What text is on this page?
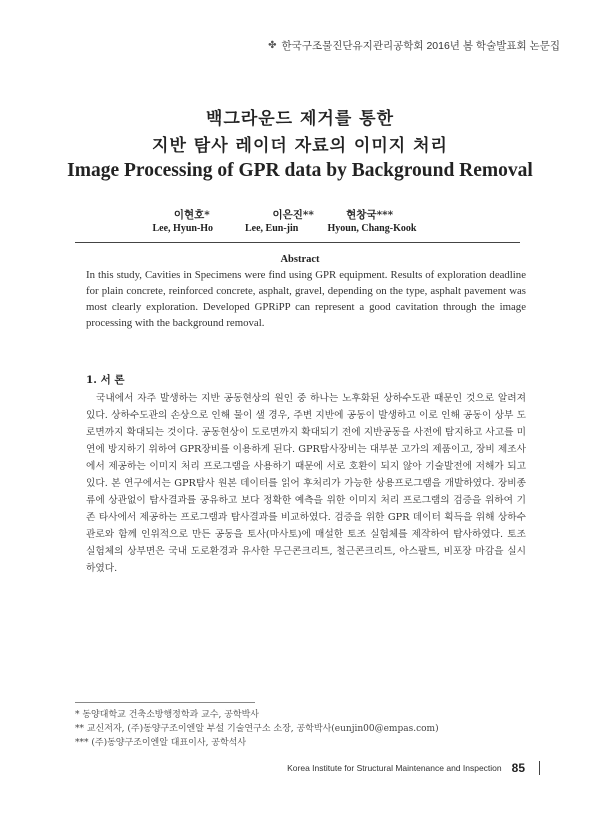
✤ 한국구조물진단유지관리공학회 2016년 봄 학술발표회 논문집
백그라운드 제거를 통한
지반 탐사 레이더 자료의 이미지 처리
Image Processing of GPR data by Background Removal
이현호*	이은진**	현창국***
Lee, Hyun-Ho	Lee, Eun-jin	Hyoun, Chang-Kook
Abstract
In this study, Cavities in Specimens were find using GPR equipment. Results of exploration deadline for plain concrete, reinforced concrete, asphalt, gravel, depending on the type, asphalt pavement was most clearly exploration. Developed GPRiPP can represent a good cavitation through the image processing with the background removal.
1. 서 론
국내에서 자주 발생하는 지반 공동현상의 원인 중 하나는 노후화된 상하수도관 때문인 것으로 알려져 있다. 상하수도관의 손상으로 인해 물이 샐 경우, 주변 지반에 공동이 발생하고 이로 인해 공동이 상부 도로면까지 확대되는 것이다. 공동현상이 도로면까지 확대되기 전에 지반공동을 사전에 탐지하고 사고를 미연에 방지하기 위하여 GPR장비를 이용하게 된다. GPR탐사장비는 대부분 고가의 제품이고, 장비 제조사에서 제공하는 이미지 처리 프로그램을 사용하기 때문에 서로 호환이 되지 않아 기술발전에 저해가 되고 있다. 본 연구에서는 GPR탐사 원본 데이터를 읽어 후처리가 가능한 상용프로그램을 개발하였다. 장비종류에 상관없이 탐사결과를 공유하고 보다 정확한 예측을 위한 이미지 처리 프로그램의 검증을 위하여 기존 타사에서 제공하는 프로그램과 탐사결과를 비교하였다. 검증을 위한 GPR 데이터 획득을 위해 상하수관로와 함께 인위적으로 만든 공동을 토사(마사토)에 매설한 토조 실험체를 제작하여 탐사하였다. 토조 실험체의 상부면은 국내 도로환경과 유사한 무근콘크리트, 철근콘크리트, 아스팔트, 비포장 마감을 실시하였다.
* 동양대학교 건축소방행정학과 교수, 공학박사
** 교신저자, (주)동양구조이엔알 부설 기술연구소 소장, 공학박사(eunjin00@empas.com)
*** (주)동양구조이엔알 대표이사, 공학석사
Korea Institute for Structural Maintenance and Inspection 85
